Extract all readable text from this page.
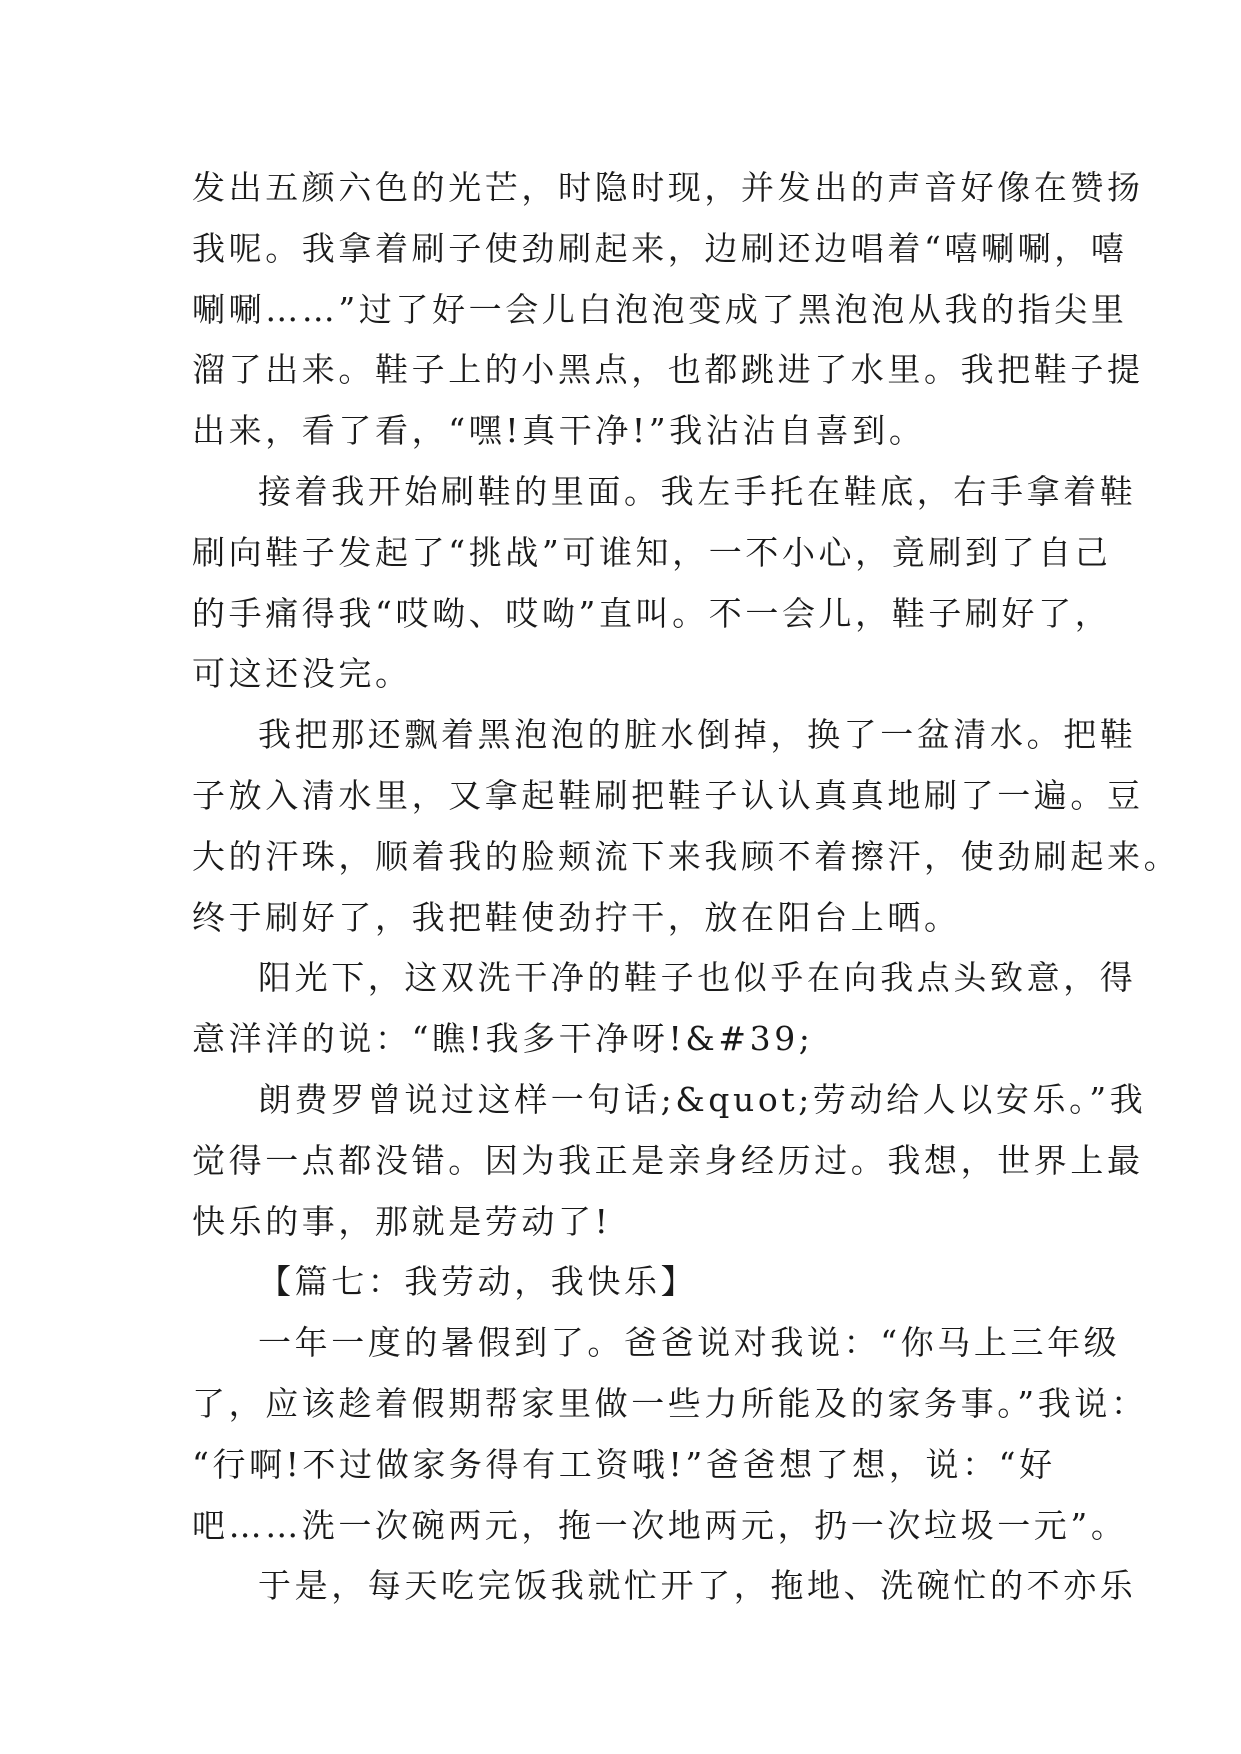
发出五颜六色的光芒，时隐时现，并发出的声音好像在赞扬
我呢。我拿着刷子使劲刷起来，边刷还边唱着“嘻唰唰，嘻
唰唰……”过了好一会儿白泡泡变成了黑泡泡从我的指尖里
溜了出来。鞋子上的小黑点，也都跳进了水里。我把鞋子提
出来，看了看，“嘿!真干净!”我沾沾自喜到。
接着我开始刷鞋的里面。我左手托在鞋底，右手拿着鞋
刷向鞋子发起了“挑战”可谁知，一不小心，竟刷到了自己
的手痛得我“哎呦、哎呦”直叫。不一会儿，鞋子刷好了，
可这还没完。
我把那还飘着黑泡泡的脏水倒掉，换了一盆清水。把鞋
子放入清水里，又拿起鞋刷把鞋子认认真真地刷了一遍。豆
大的汗珠，顺着我的脸颊流下来我顾不着擦汗，使劲刷起来。
终于刷好了，我把鞋使劲拧干，放在阳台上晒。
阳光下，这双洗干净的鞋子也似乎在向我点头致意，得
意洋洋的说：“瞧!我多干净呀!&#39;
朗费罗曾说过这样一句话;&quot;劳动给人以安乐。”我
觉得一点都没错。因为我正是亲身经历过。我想，世界上最
快乐的事，那就是劳动了!
【篇七：我劳动，我快乐】
一年一度的暑假到了。爸爸说对我说：“你马上三年级
了，应该趁着假期帮家里做一些力所能及的家务事。”我说：
“行啊!不过做家务得有工资哦!”爸爸想了想，说：“好
吧……洗一次碗两元，拖一次地两元，扔一次垃圾一元”。
于是，每天吃完饭我就忙开了，拖地、洗碗忙的不亦乐
